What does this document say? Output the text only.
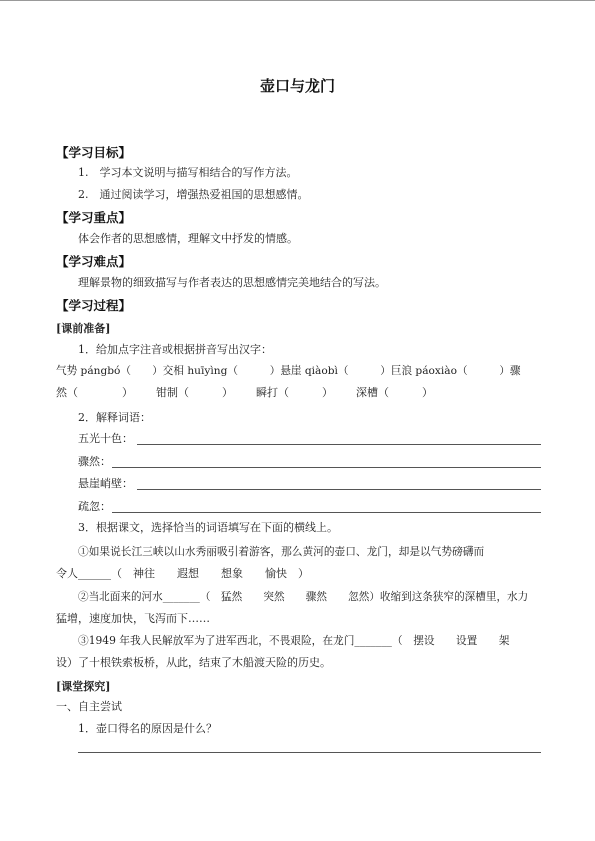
壶口与龙门
【学习目标】
1.　学习本文说明与描写相结合的写作方法。
2.　通过阅读学习，增强热爱祖国的思想感情。
【学习重点】
体会作者的思想感情，理解文中抒发的情感。
【学习难点】
理解景物的细致描写与作者表达的思想感情完美地结合的写法。
【学习过程】
[课前准备]
1．给加点字注音或根据拼音写出汉字：
气势 pángbó（　　）交相 huīyìng（　　　）悬崖 qiàobì（　　　）巨浪 páoxiào（　　　）骤
然（　　　　） 钳制（　　　） 瞬打（　　　） 深槽（　　　）
2．解释词语：
五光十色：
骤然：
悬崖峭壁：
疏忽：
3．根据课文，选择恰当的词语填写在下面的横线上。
①如果说长江三峡以山水秀丽吸引着游客，那么黄河的壶口、龙门，却是以气势磅礴而
令人______（　神往　　遐想　　想象　　愉快　）
②当北面来的河水_______（　猛然　　突然　　骤然　　忽然）收缩到这条狭窄的深槽里，水力
猛增，速度加快，飞泻而下……
③1949 年我人民解放军为了进军西北，不畏艰险，在龙门_______（　摆设　　设置　　架
设）了十根铁索板桥，从此，结束了木船渡天险的历史。
[课堂探究]
一、自主尝试
1．壶口得名的原因是什么？
